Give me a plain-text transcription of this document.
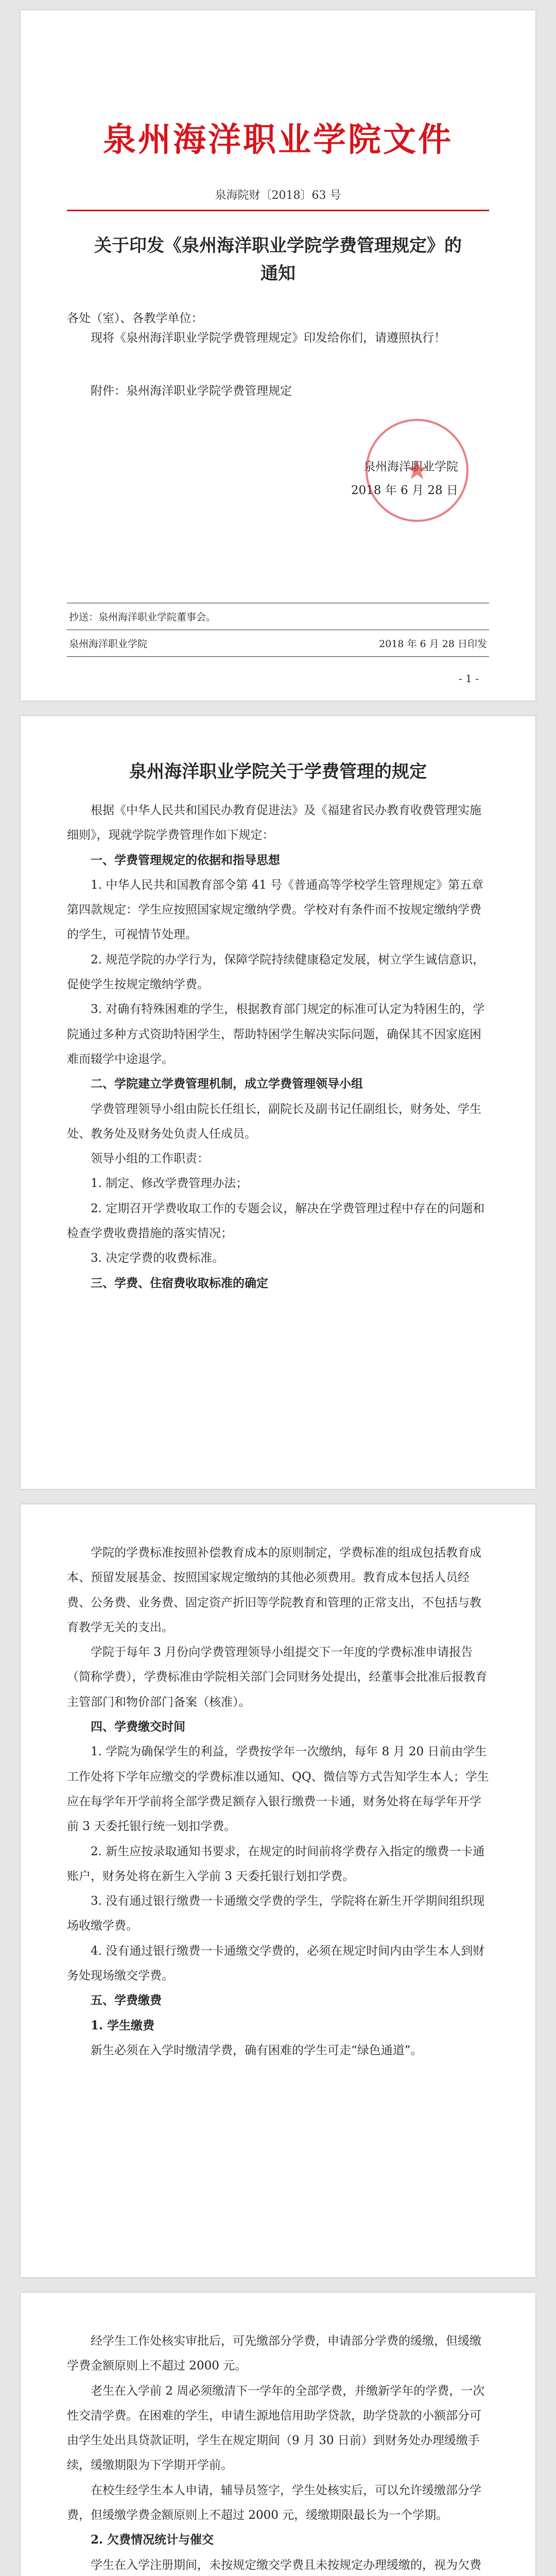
泉州海洋职业学院文件
泉海院财〔2018〕63 号
关于印发《泉州海洋职业学院学费管理规定》的
通知
各处（室）、各教学单位：

现将《泉州海洋职业学院学费管理规定》印发给你们，请遵照执行！

附件：泉州海洋职业学院学费管理规定
★
泉州海洋职业学院
2018 年 6 月 28 日
抄送：泉州海洋职业学院董事会。
泉州海洋职业学院	2018 年 6 月 28 日印发
- 1 -
泉州海洋职业学院关于学费管理的规定

根据《中华人民共和国民办教育促进法》及《福建省民办教育收费管理实施细则》，现就学院学费管理作如下规定：

一、学费管理规定的依据和指导思想

1. 中华人民共和国教育部令第 41 号《普通高等学校学生管理规定》第五章第四款规定：学生应按照国家规定缴纳学费。学校对有条件而不按规定缴纳学费的学生，可视情节处理。

2. 规范学院的办学行为，保障学院持续健康稳定发展，树立学生诚信意识，促使学生按规定缴纳学费。

3. 对确有特殊困难的学生，根据教育部门规定的标准可认定为特困生的，学院通过多种方式资助特困学生，帮助特困学生解决实际问题，确保其不因家庭困难而辍学中途退学。

二、学院建立学费管理机制，成立学费管理领导小组

学费管理领导小组由院长任组长，副院长及副书记任副组长，财务处、学生处、教务处及财务处负责人任成员。

领导小组的工作职责：

1. 制定、修改学费管理办法；

2. 定期召开学费收取工作的专题会议，解决在学费管理过程中存在的问题和检查学费收费措施的落实情况；

3. 决定学费的收费标准。

三、学费、住宿费收取标准的确定

学院的学费标准按照补偿教育成本的原则制定，学费标准的组成包括教育成本、预留发展基金、按照国家规定缴纳的其他必须费用。教育成本包括人员经费、公务费、业务费、固定资产折旧等学院教育和管理的正常支出，不包括与教育教学无关的支出。

学院于每年 3 月份向学费管理领导小组提交下一年度的学费标准申请报告（简称学费），学费标准由学院相关部门会同财务处提出，经董事会批准后报教育主管部门和物价部门备案（核准）。

四、学费缴交时间

1. 学院为确保学生的利益，学费按学年一次缴纳，每年 8 月 20 日前由学生工作处将下学年应缴交的学费标准以通知、QQ、微信等方式告知学生本人；学生应在每学年开学前将全部学费足额存入银行缴费一卡通，财务处将在每学年开学前 3 天委托银行统一划扣学费。

2. 新生应按录取通知书要求，在规定的时间前将学费存入指定的缴费一卡通账户，财务处将在新生入学前 3 天委托银行划扣学费。

3. 没有通过银行缴费一卡通缴交学费的学生，学院将在新生开学期间组织现场收缴学费。

4. 没有通过银行缴费一卡通缴交学费的，必须在规定时间内由学生本人到财务处现场缴交学费。

五、学费缴费

1. 学生缴费

新生必须在入学时缴清学费，确有困难的学生可走“绿色通道”。

经学生工作处核实审批后，可先缴部分学费，申请部分学费的缓缴，但缓缴学费金额原则上不超过 2000 元。

老生在入学前 2 周必须缴清下一学年的全部学费，并缴新学年的学费，一次性交清学费。在困难的学生，申请生源地信用助学贷款，助学贷款的小额部分可由学生处出具贷款证明，学生在规定期间（9 月 30 日前）到财务处办理缓缴手续，缓缴期限为下学期开学前。

在校生经学生本人申请，辅导员签字，学生处核实后，可以允许缓缴部分学费，但缓缴学费金额原则上不超过 2000 元，缓缴期限最长为一个学期。

2. 欠费情况统计与催交

学生在入学注册期间，未按规定缴交学费且未按规定办理缓缴的，视为欠费
